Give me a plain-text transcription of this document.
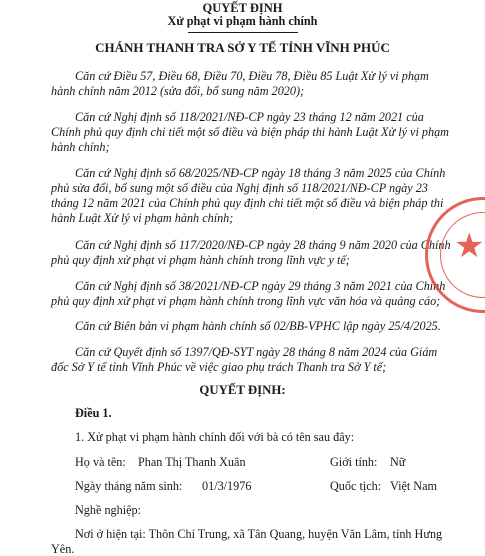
QUYẾT ĐỊNH
Xử phạt vi phạm hành chính
CHÁNH THANH TRA SỞ Y TẾ TỈNH VĨNH PHÚC
Căn cứ Điều 57, Điều 68, Điều 70, Điều 78, Điều 85 Luật Xử lý vi phạm
hành chính năm 2012 (sửa đổi, bổ sung năm 2020);
Căn cứ Nghị định số 118/2021/NĐ-CP ngày 23 tháng 12 năm 2021 của
Chính phủ quy định chi tiết một số điều và biện pháp thi hành Luật Xử lý vi phạm
hành chính;
Căn cứ Nghị định số 68/2025/NĐ-CP ngày 18 tháng 3 năm 2025 của Chính
phủ sửa đổi, bổ sung một số điều của Nghị định số 118/2021/NĐ-CP ngày 23
tháng 12 năm 2021 của Chính phủ quy định chi tiết một số điều và biện pháp thi
hành Luật Xử lý vi phạm hành chính;
Căn cứ Nghị định số 117/2020/NĐ-CP ngày 28 tháng 9 năm 2020 của Chính
phủ quy định xử phạt vi phạm hành chính trong lĩnh vực y tế;
Căn cứ Nghị định số 38/2021/NĐ-CP ngày 29 tháng 3 năm 2021 của Chính
phủ quy định xử phạt vi phạm hành chính trong lĩnh vực văn hóa và quảng cáo;
Căn cứ Biên bản vi phạm hành chính số 02/BB-VPHC lập ngày 25/4/2025.
Căn cứ Quyết định số 1397/QĐ-SYT ngày 28 tháng 8 năm 2024 của Giám
đốc Sở Y tế tỉnh Vĩnh Phúc về việc giao phụ trách Thanh tra Sở Y tế;
QUYẾT ĐỊNH:
Điều 1.
1. Xử phạt vi phạm hành chính đối với bà có tên sau đây:
Họ và tên: Phan Thị Thanh Xuân	Giới tính: Nữ
Ngày tháng năm sinh: 01/3/1976	Quốc tịch: Việt Nam
Nghề nghiệp:
Nơi ở hiện tại: Thôn Chí Trung, xã Tân Quang, huyện Văn Lâm, tỉnh Hưng
Yên.
★
